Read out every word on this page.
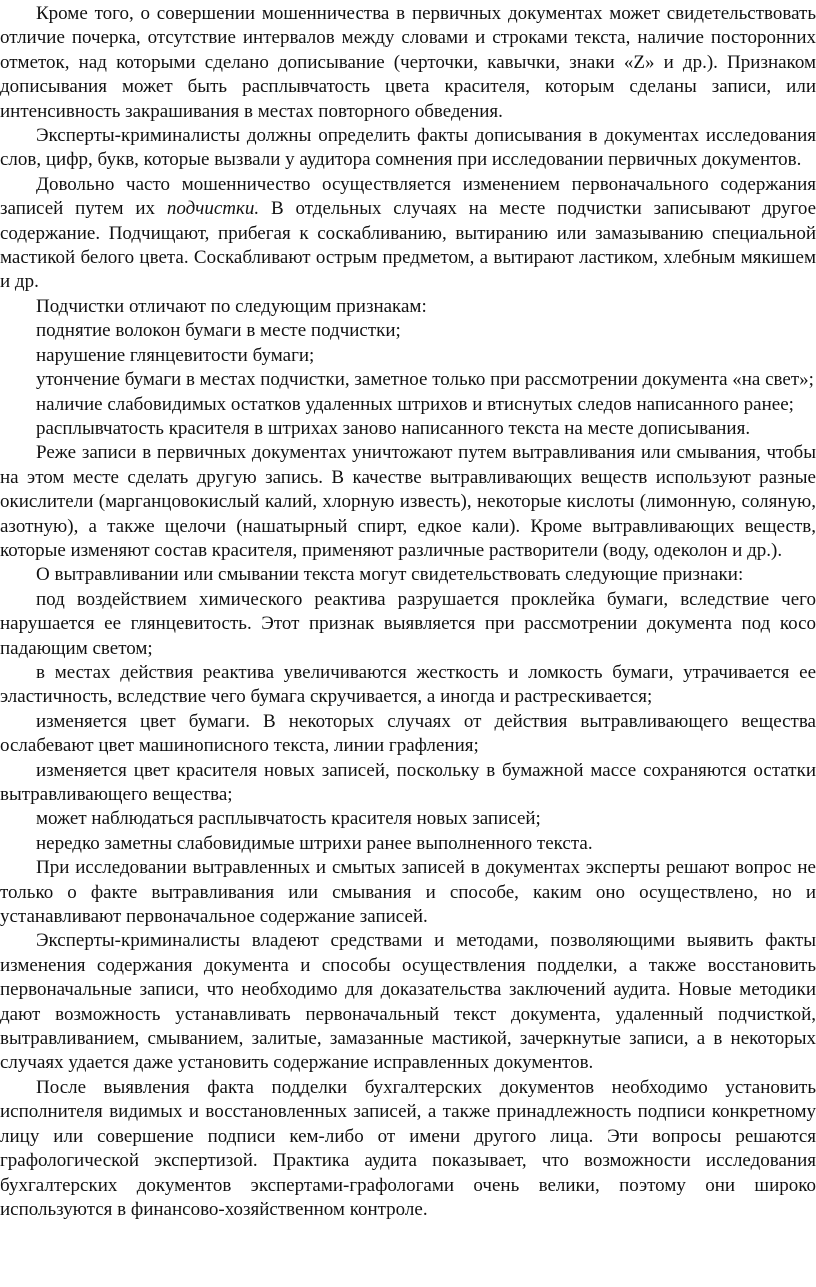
Кроме того, о совершении мошенничества в первичных документах может свидетельствовать отличие почерка, отсутствие интервалов между словами и строками текста, наличие посторонних отметок, над которыми сделано дописывание (черточки, кавычки, знаки «Z» и др.). Признаком дописывания может быть расплывчатость цвета красителя, которым сделаны записи, или интенсивность закрашивания в местах повторного обведения.

Эксперты-криминалисты должны определить факты дописывания в документах исследования слов, цифр, букв, которые вызвали у аудитора сомнения при исследовании первичных документов.

Довольно часто мошенничество осуществляется изменением первоначального содержания записей путем их подчистки. В отдельных случаях на месте подчистки записывают другое содержание. Подчищают, прибегая к соскабливанию, вытиранию или замазыванию специальной мастикой белого цвета. Соскабливают острым предметом, а вытирают ластиком, хлебным мякишем и др.

Подчистки отличают по следующим признакам:

поднятие волокон бумаги в месте подчистки;

нарушение глянцевитости бумаги;

утончение бумаги в местах подчистки, заметное только при рассмотрении документа «на свет»;

наличие слабовидимых остатков удаленных штрихов и втиснутых следов написанного ранее;

расплывчатость красителя в штрихах заново написанного текста на месте дописывания.

Реже записи в первичных документах уничтожают путем вытравливания или смывания, чтобы на этом месте сделать другую запись. В качестве вытравливающих веществ используют разные окислители (марганцовокислый калий, хлорную известь), некоторые кислоты (лимонную, соляную, азотную), а также щелочи (нашатырный спирт, едкое кали). Кроме вытравливающих веществ, которые изменяют состав красителя, применяют различные растворители (воду, одеколон и др.).

О вытравливании или смывании текста могут свидетельствовать следующие признаки:

под воздействием химического реактива разрушается проклейка бумаги, вследствие чего нарушается ее глянцевитость. Этот признак выявляется при рассмотрении документа под косо падающим светом;

в местах действия реактива увеличиваются жесткость и ломкость бумаги, утрачивается ее эластичность, вследствие чего бумага скручивается, а иногда и растрескивается;

изменяется цвет бумаги. В некоторых случаях от действия вытравливающего вещества ослабевают цвет машинописного текста, линии графления;

изменяется цвет красителя новых записей, поскольку в бумажной массе сохраняются остатки вытравливающего вещества;

может наблюдаться расплывчатость красителя новых записей;

нередко заметны слабовидимые штрихи ранее выполненного текста.

При исследовании вытравленных и смытых записей в документах эксперты решают вопрос не только о факте вытравливания или смывания и способе, каким оно осуществлено, но и устанавливают первоначальное содержание записей.

Эксперты-криминалисты владеют средствами и методами, позволяющими выявить факты изменения содержания документа и способы осуществления подделки, а также восстановить первоначальные записи, что необходимо для доказательства заключений аудита. Новые методики дают возможность устанавливать первоначальный текст документа, удаленный подчисткой, вытравливанием, смыванием, залитые, замазанные мастикой, зачеркнутые записи, а в некоторых случаях удается даже установить содержание исправленных документов.

После выявления факта подделки бухгалтерских документов необходимо установить исполнителя видимых и восстановленных записей, а также принадлежность подписи конкретному лицу или совершение подписи кем-либо от имени другого лица. Эти вопросы решаются графологической экспертизой. Практика аудита показывает, что возможности исследования бухгалтерских документов экспертами-графологами очень велики, поэтому они широко используются в финансово-хозяйственном контроле.
